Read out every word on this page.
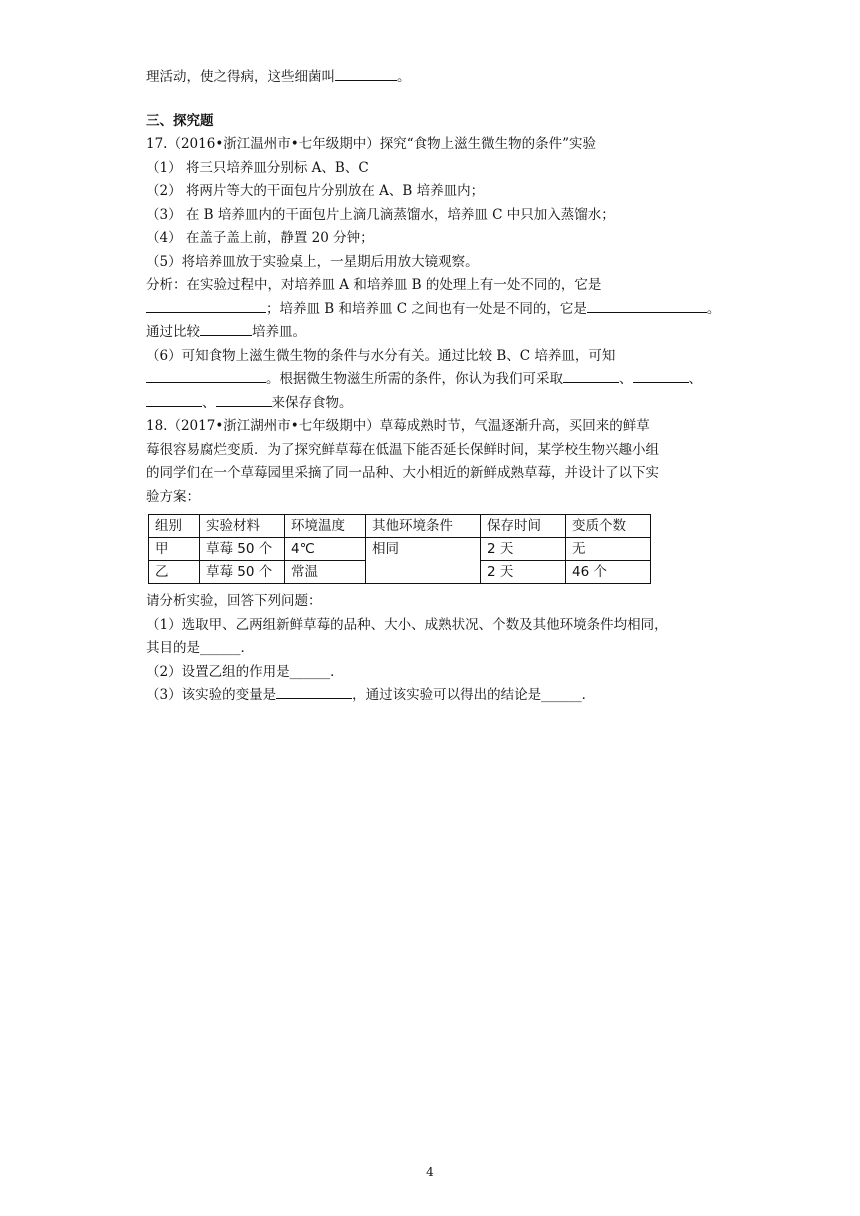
理活动，使之得病，这些细菌叫	。
三、探究题
17.（2016•浙江温州市•七年级期中）探究“食物上滋生微生物的条件”实验
（1） 将三只培养皿分别标 A、B、C
（2） 将两片等大的干面包片分别放在 A、B 培养皿内；
（3） 在 B 培养皿内的干面包片上滴几滴蒸馏水，培养皿 C 中只加入蒸馏水；
（4） 在盖子盖上前，静置 20 分钟；
（5）将培养皿放于实验桌上，一星期后用放大镜观察。
分析：在实验过程中，对培养皿 A 和培养皿 B 的处理上有一处不同的，它是
；培养皿 B 和培养皿 C 之间也有一处是不同的，它是	。
通过比较	培养皿。
（6）可知食物上滋生微生物的条件与水分有关。通过比较 B、C 培养皿，可知
。根据微生物滋生所需的条件，你认为我们可采取	、	、
、	来保存食物。
18.（2017•浙江湖州市•七年级期中）草莓成熟时节，气温逐渐升高，买回来的鲜草
莓很容易腐烂变质．为了探究鲜草莓在低温下能否延长保鲜时间，某学校生物兴趣小组
的同学们在一个草莓园里采摘了同一品种、大小相近的新鲜成熟草莓，并设计了以下实
验方案：
组别	实验材料	环境温度	其他环境条件	保存时间	变质个数
甲	草莓 50 个	4℃	相同	2 天	无
乙	草莓 50 个	常温		2 天	46 个
请分析实验，回答下列问题：
（1）选取甲、乙两组新鲜草莓的品种、大小、成熟状况、个数及其他环境条件均相同，
其目的是______．
（2）设置乙组的作用是______．
（3）该实验的变量是	，通过该实验可以得出的结论是______．
4
